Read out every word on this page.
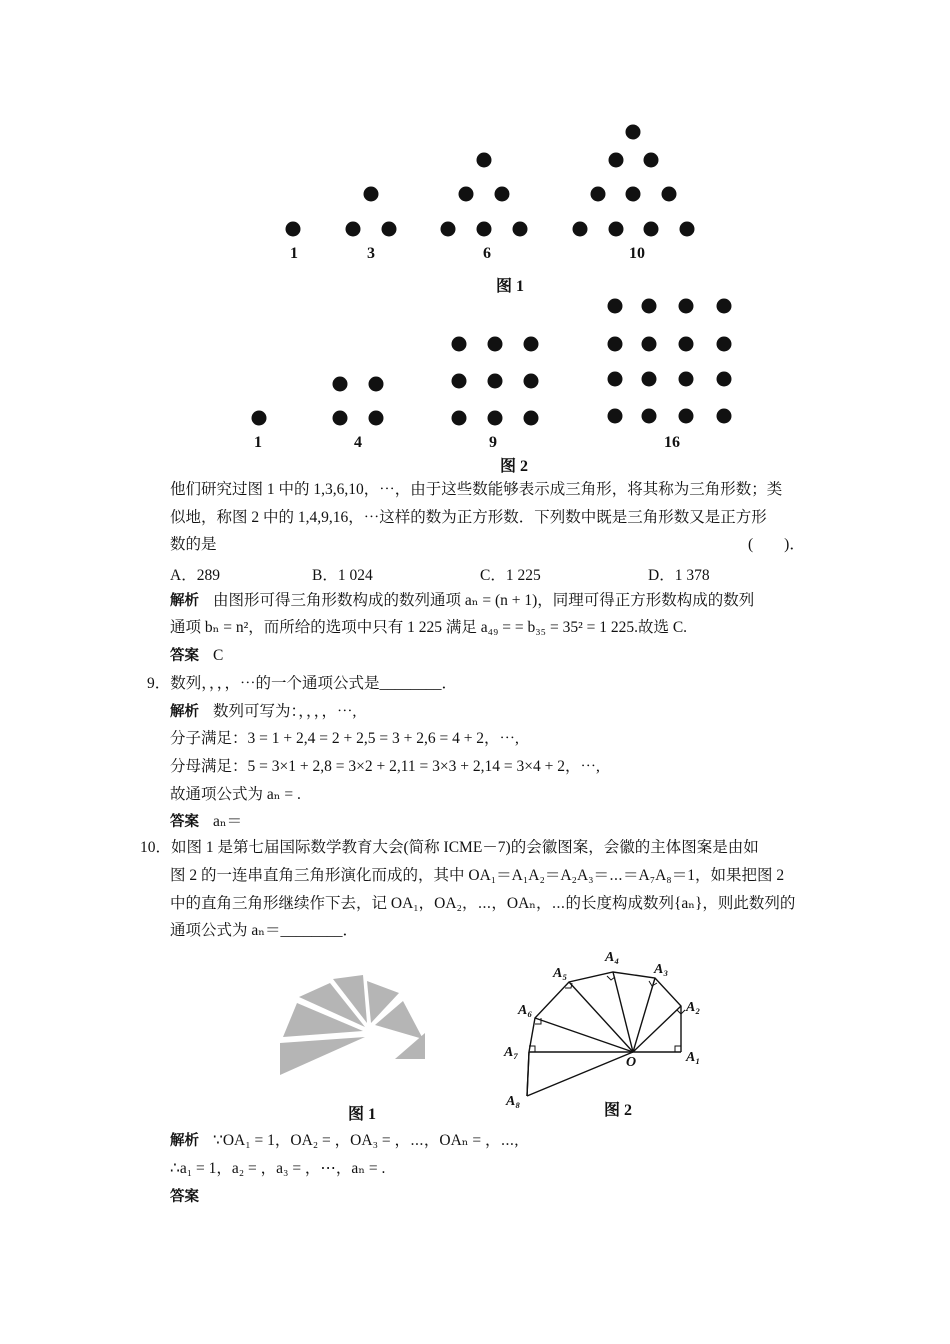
1	3	6	10
图 1
1	4	9	16
图 2
他们研究过图 1 中的 1,3,6,10，⋯，由于这些数能够表示成三角形，将其称为三角形数；类
似地，称图 2 中的 1,4,9,16，⋯这样的数为正方形数．下列数中既是三角形数又是正方形
数的是	(　　)．
A．289	B．1 024	C．1 225	D．1 378
解析 由图形可得三角形数构成的数列通项 aₙ = (n + 1)，同理可得正方形数构成的数列
通项 bₙ = n²，而所给的选项中只有 1 225 满足 a₄₉ = = b₃₅ = 35² = 1 225.故选 C.
答案 C
9．数列，，，，⋯的一个通项公式是________．
解析 数列可写为：，，，，⋯,
分子满足：3 = 1 + 2,4 = 2 + 2,5 = 3 + 2,6 = 4 + 2，⋯,
分母满足：5 = 3×1 + 2,8 = 3×2 + 2,11 = 3×3 + 2,14 = 3×4 + 2，⋯,
故通项公式为 aₙ = .
答案 aₙ＝
10．如图 1 是第七届国际数学教育大会(简称 ICME－7)的会徽图案，会徽的主体图案是由如
图 2 的一连串直角三角形演化而成的，其中 OA₁＝A₁A₂＝A₂A₃＝⋯＝A₇A₈＝1，如果把图 2
中的直角三角形继续作下去，记 OA₁，OA₂，⋯，OAₙ，⋯的长度构成数列{aₙ}，则此数列的
通项公式为 aₙ＝________．
图 1
A₁
A₂
A₃
A₄
A₅
A₆
A₇
A₈
O
图 2
解析 ∵OA₁ = 1，OA₂ = ，OA₃ = ，⋯，OAₙ = ，⋯,
∴a₁ = 1，a₂ = ，a₃ = ，⋯，aₙ = .
答案
